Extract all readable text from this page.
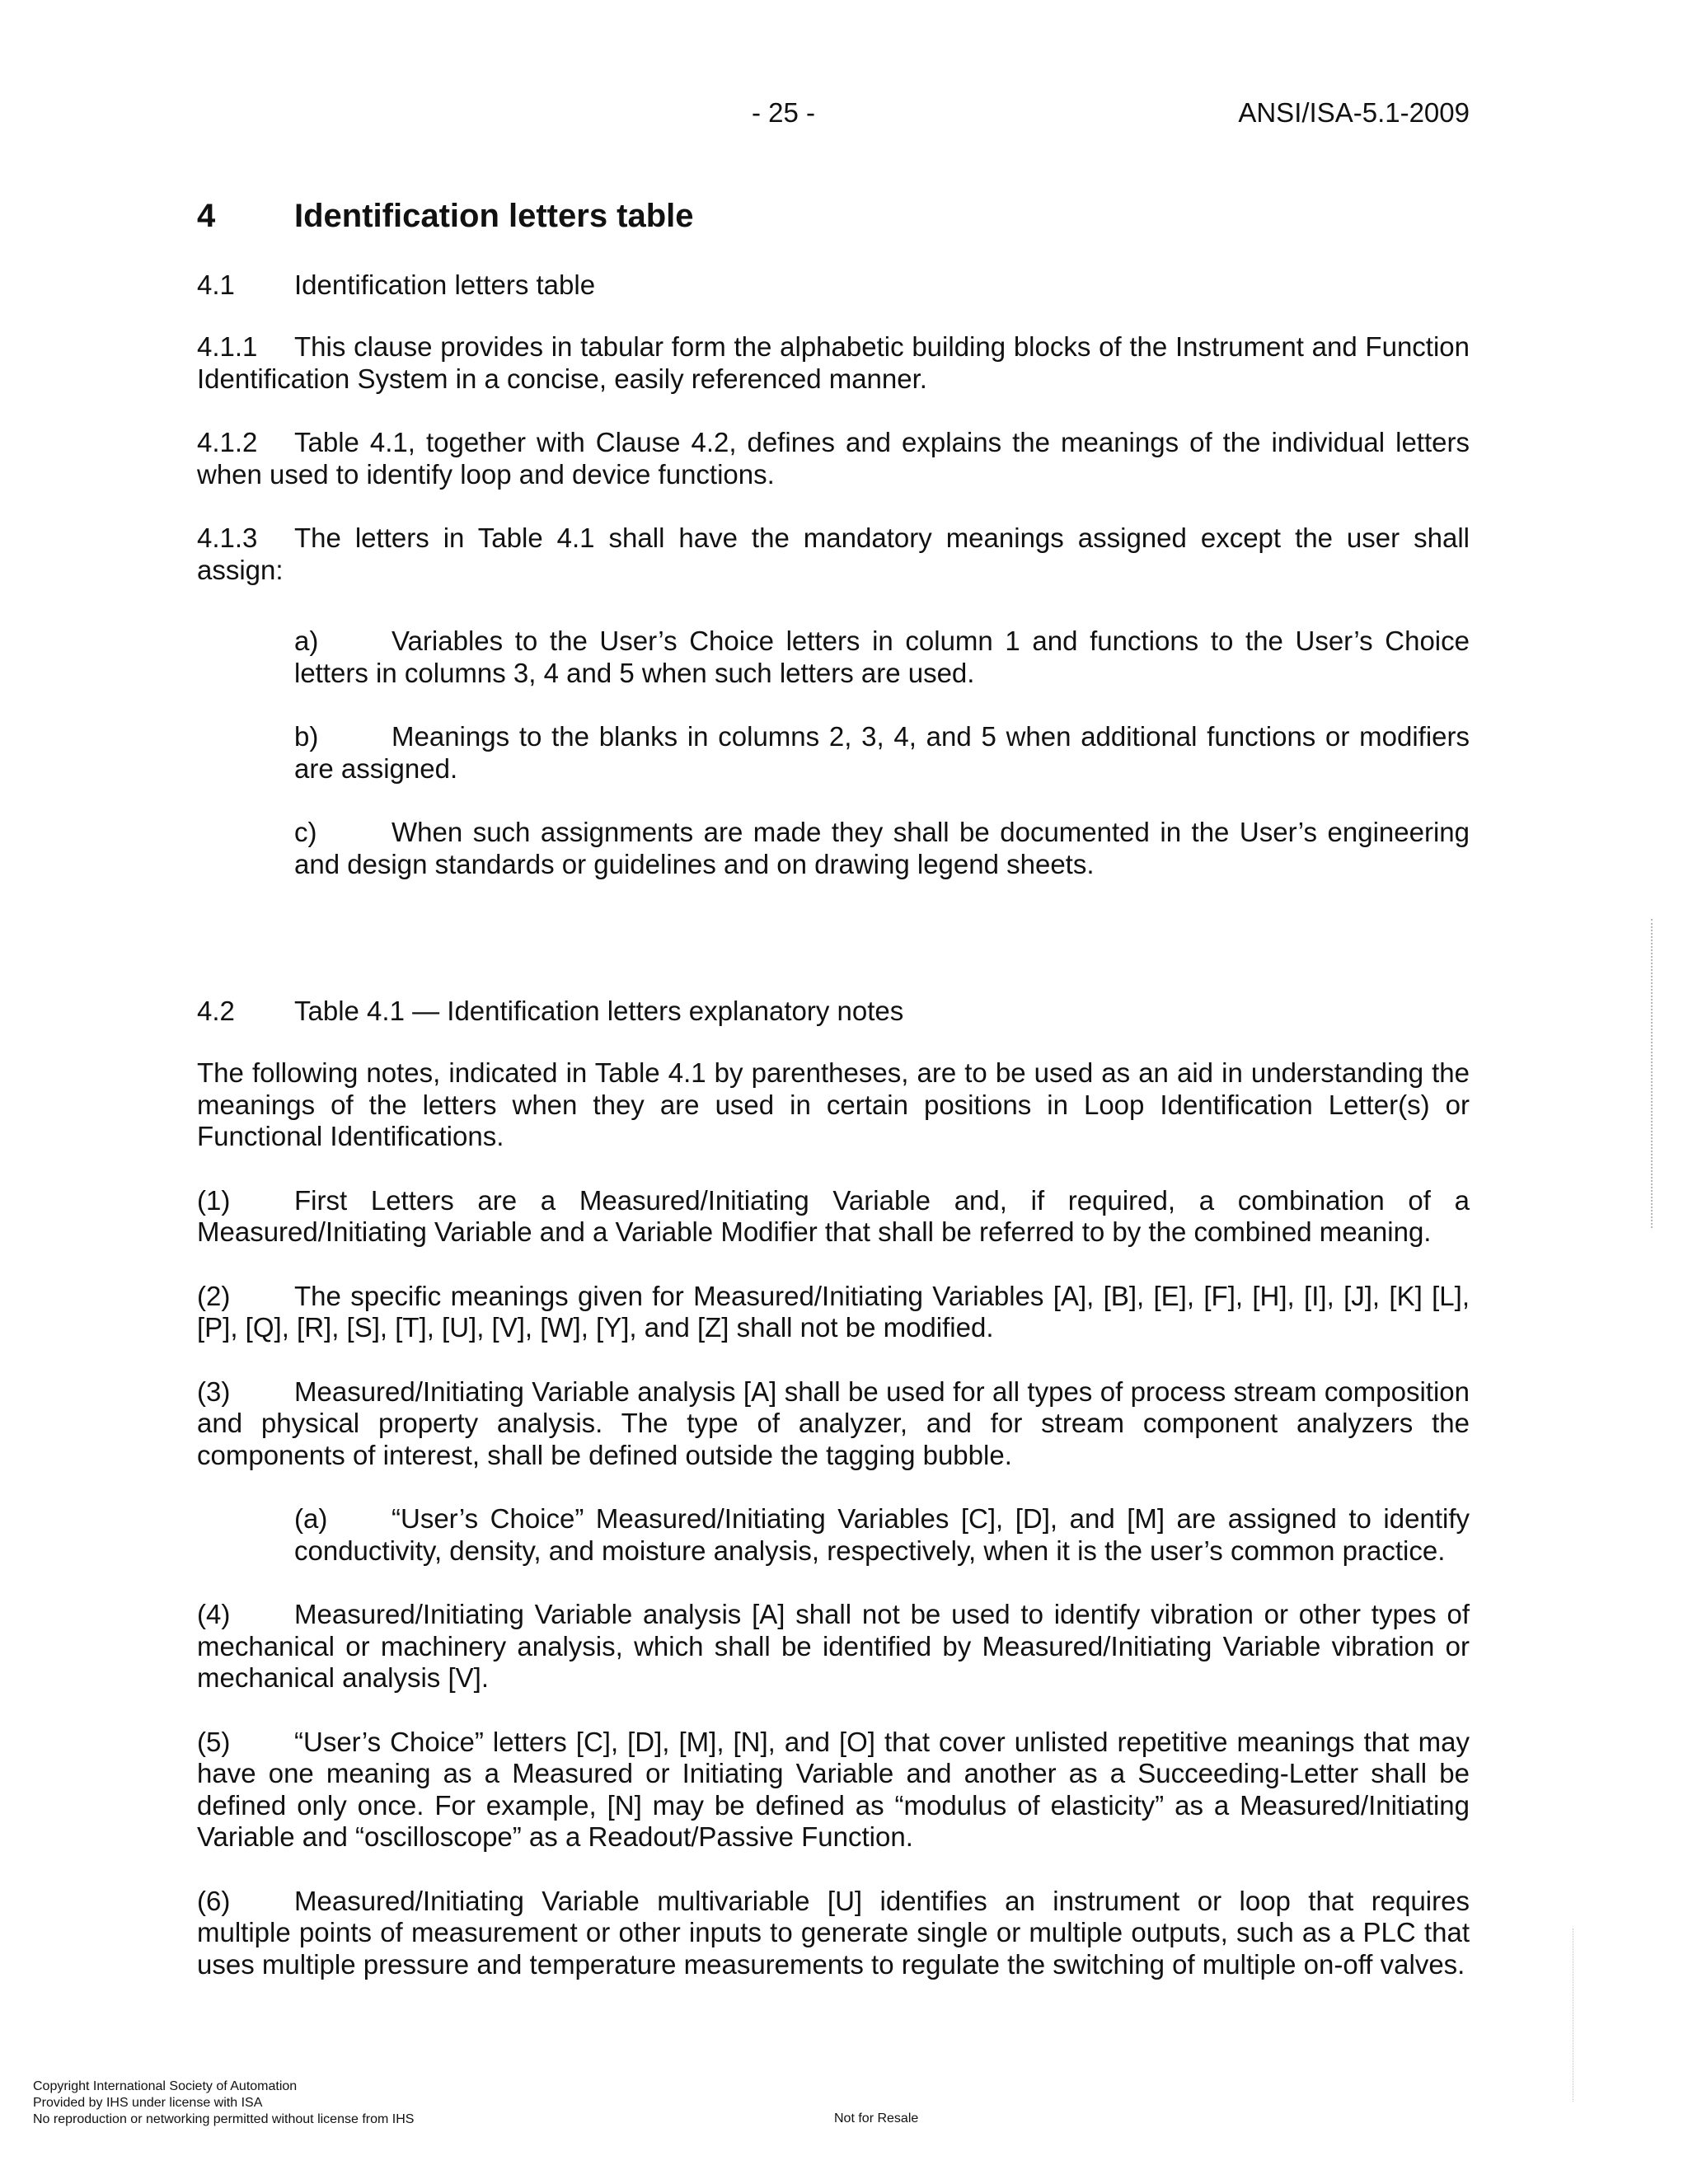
- 25 -	ANSI/ISA-5.1-2009
4	Identification letters table
4.1	Identification letters table

4.1.1 This clause provides in tabular form the alphabetic building blocks of the Instrument and Function Identification System in a concise, easily referenced manner.

4.1.2 Table 4.1, together with Clause 4.2, defines and explains the meanings of the individual letters when used to identify loop and device functions.

4.1.3 The letters in Table 4.1 shall have the mandatory meanings assigned except the user shall assign:

a)	Variables to the User’s Choice letters in column 1 and functions to the User’s Choice letters in columns 3, 4 and 5 when such letters are used.

b)	Meanings to the blanks in columns 2, 3, 4, and 5 when additional functions or modifiers are assigned.

c)	When such assignments are made they shall be documented in the User’s engineering and design standards or guidelines and on drawing legend sheets.

4.2	Table 4.1 — Identification letters explanatory notes

The following notes, indicated in Table 4.1 by parentheses, are to be used as an aid in understanding the meanings of the letters when they are used in certain positions in Loop Identification Letter(s) or Functional Identifications.

(1) First Letters are a Measured/Initiating Variable and, if required, a combination of a Measured/Initiating Variable and a Variable Modifier that shall be referred to by the combined meaning.

(2) The specific meanings given for Measured/Initiating Variables [A], [B], [E], [F], [H], [I], [J], [K] [L], [P], [Q], [R], [S], [T], [U], [V], [W], [Y], and [Z] shall not be modified.

(3) Measured/Initiating Variable analysis [A] shall be used for all types of process stream composition and physical property analysis. The type of analyzer, and for stream component analyzers the components of interest, shall be defined outside the tagging bubble.

(a) “User’s Choice” Measured/Initiating Variables [C], [D], and [M] are assigned to identify conductivity, density, and moisture analysis, respectively, when it is the user’s common practice.

(4) Measured/Initiating Variable analysis [A] shall not be used to identify vibration or other types of mechanical or machinery analysis, which shall be identified by Measured/Initiating Variable vibration or mechanical analysis [V].

(5) “User’s Choice” letters [C], [D], [M], [N], and [O] that cover unlisted repetitive meanings that may have one meaning as a Measured or Initiating Variable and another as a Succeeding-Letter shall be defined only once. For example, [N] may be defined as “modulus of elasticity” as a Measured/Initiating Variable and “oscilloscope” as a Readout/Passive Function.

(6) Measured/Initiating Variable multivariable [U] identifies an instrument or loop that requires multiple points of measurement or other inputs to generate single or multiple outputs, such as a PLC that uses multiple pressure and temperature measurements to regulate the switching of multiple on-off valves.

Copyright International Society of Automation
Provided by IHS under license with ISA
No reproduction or networking permitted without license from IHS	Not for Resale
